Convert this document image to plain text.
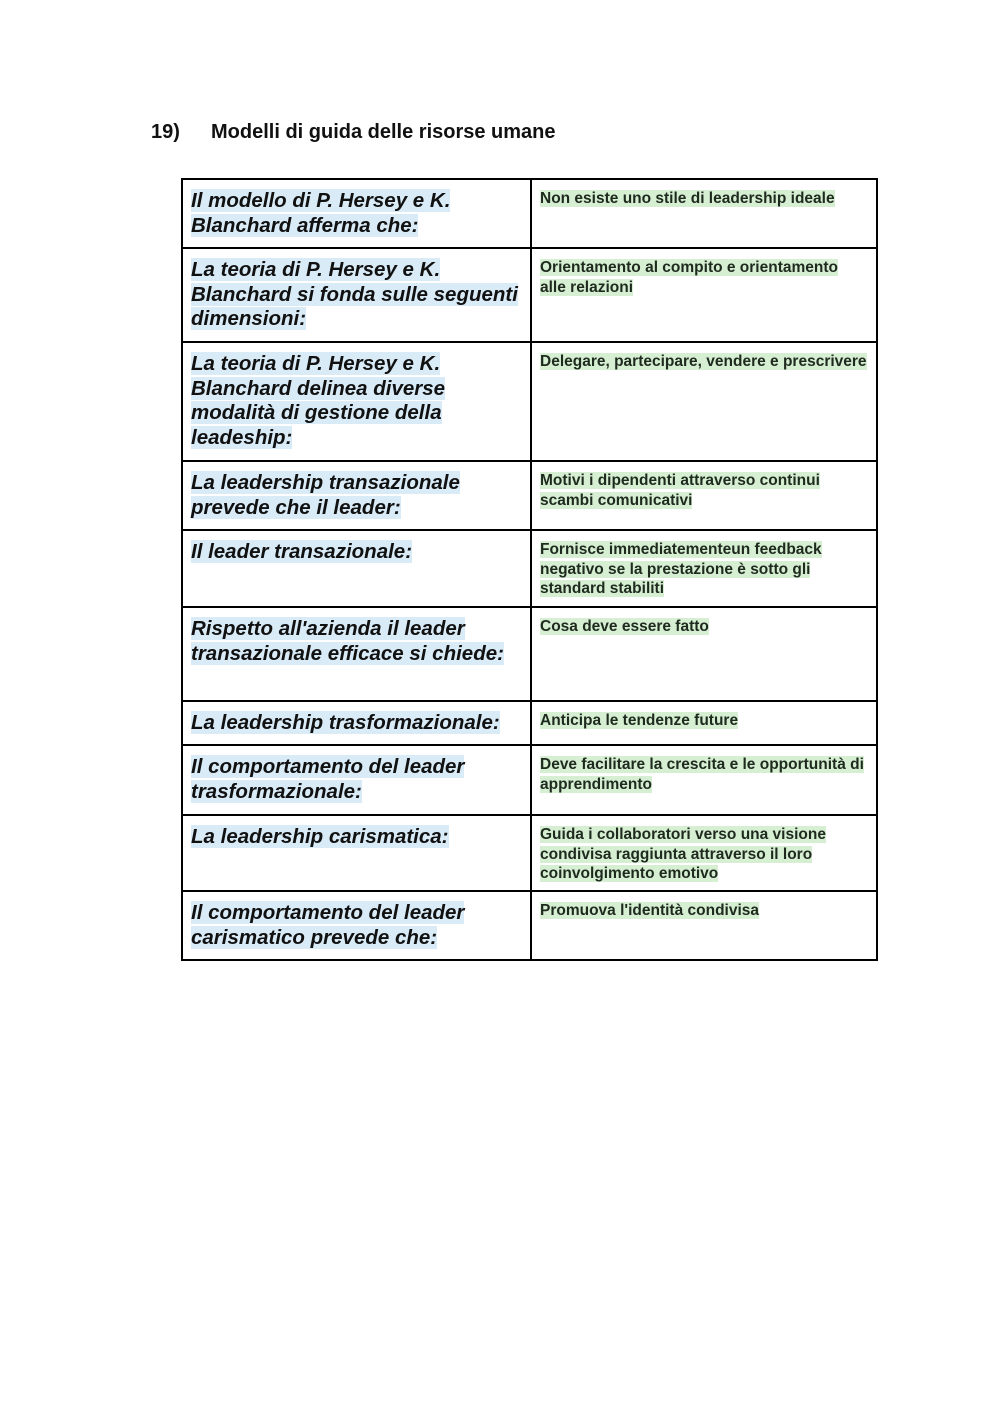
19) Modelli di guida delle risorse umane
Il modello di P. Hersey e K. Blanchard afferma che:	Non esiste uno stile di leadership ideale
La teoria di P. Hersey e K. Blanchard si fonda sulle seguenti dimensioni:	Orientamento al compito e orientamento alle relazioni
La teoria di P. Hersey e K. Blanchard delinea diverse modalità di gestione della leadeship:	Delegare, partecipare, vendere e prescrivere
La leadership transazionale prevede che il leader:	Motivi i dipendenti attraverso continui scambi comunicativi
Il leader transazionale:	Fornisce immediatementeun feedback negativo se la prestazione è sotto gli standard stabiliti
Rispetto all'azienda il leader transazionale efficace si chiede:	Cosa deve essere fatto
La leadership trasformazionale:	Anticipa le tendenze future
Il comportamento del leader trasformazionale:	Deve facilitare la crescita e le opportunità di apprendimento
La leadership carismatica:	Guida i collaboratori verso una visione condivisa raggiunta attraverso il loro coinvolgimento emotivo
Il comportamento del leader carismatico prevede che:	Promuova l'identità condivisa
